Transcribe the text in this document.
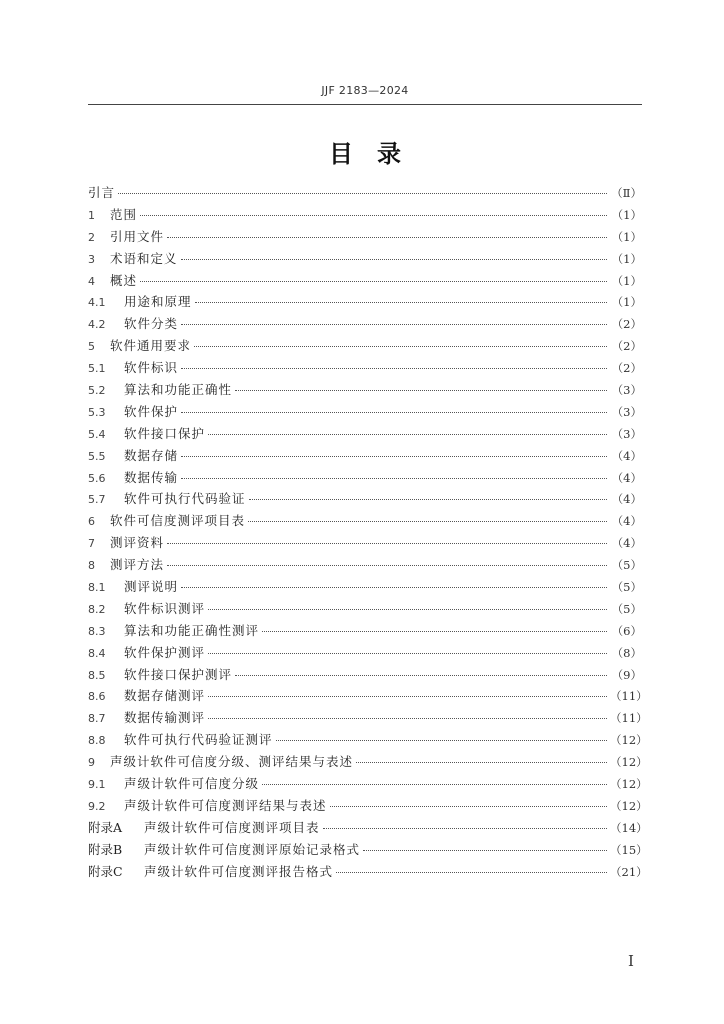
JJF 2183—2024
目　录
引言	（Ⅱ）
1	范围	（1）
2	引用文件	（1）
3	术语和定义	（1）
4	概述	（1）
4.1	用途和原理	（1）
4.2	软件分类	（2）
5	软件通用要求	（2）
5.1	软件标识	（2）
5.2	算法和功能正确性	（3）
5.3	软件保护	（3）
5.4	软件接口保护	（3）
5.5	数据存储	（4）
5.6	数据传输	（4）
5.7	软件可执行代码验证	（4）
6	软件可信度测评项目表	（4）
7	测评资料	（4）
8	测评方法	（5）
8.1	测评说明	（5）
8.2	软件标识测评	（5）
8.3	算法和功能正确性测评	（6）
8.4	软件保护测评	（8）
8.5	软件接口保护测评	（9）
8.6	数据存储测评	（11）
8.7	数据传输测评	（11）
8.8	软件可执行代码验证测评	（12）
9	声级计软件可信度分级、测评结果与表述	（12）
9.1	声级计软件可信度分级	（12）
9.2	声级计软件可信度测评结果与表述	（12）
附录A	声级计软件可信度测评项目表	（14）
附录B	声级计软件可信度测评原始记录格式	（15）
附录C	声级计软件可信度测评报告格式	（21）
Ⅰ
